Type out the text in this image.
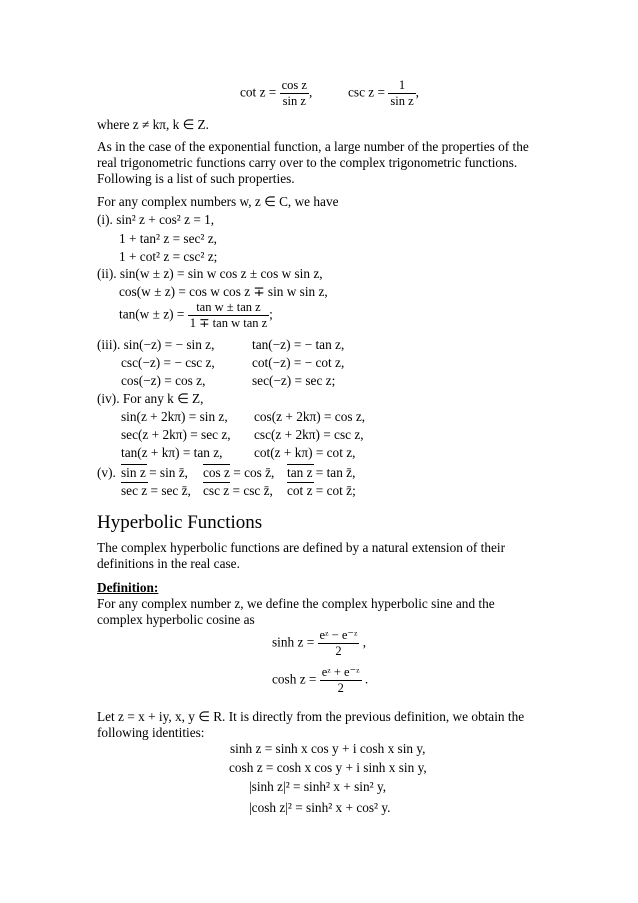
$\cot z = \frac{\text{cos z}}{\text{sin z}}$ ,	$\csc z = \frac{1}{\text{sin z}}$ ,
where z ≠ kπ, k ∈ Z.
As in the case of the exponential function, a large number of the properties of the real trigonometric functions carry over to the complex trigonometric functions. Following is a list of such properties.
For any complex numbers w, z ∈ C, we have
(i). sin² z + cos² z = 1,
1 + tan² z = sec² z,
1 + cot² z = csc² z;
(ii). sin(w ± z) = sin w cos z ± cos w sin z,
cos(w ± z) = cos w cos z ∓ sin w sin z,
$\tan(w \pm z) = \frac{\text{tan w ± tan z}}{\text{1 ∓ tan w tan z}}$ ;
(iii). sin(−z) = − sin z,	tan(−z) = − tan z,
csc(−z) = − csc z,	cot(−z) = − cot z,
cos(−z) = cos z,	sec(−z) = sec z;
(iv). For any k ∈ Z,
sin(z + 2kπ) = sin z, cos(z + 2kπ) = cos z,
sec(z + 2kπ) = sec z, csc(z + 2kπ) = csc z,
tan(z + kπ) = tan z, cot(z + kπ) = cot z,
(v). sin z = sin z̄, cos z = cos z̄, tan z = tan z̄,
sec z = sec z̄, csc z = csc z̄, cot z = cot z̄;
Hyperbolic Functions
The complex hyperbolic functions are defined by a natural extension of their definitions in the real case.
Definition:
For any complex number z, we define the complex hyperbolic sine and the complex hyperbolic cosine as
$\sinh z = \frac{\text{eᶻ − e⁻ᶻ}}{2}$ ,
$\cosh z = \frac{\text{eᶻ + e⁻ᶻ}}{2}$ .
Let z = x + iy, x, y ∈ R. It is directly from the previous definition, we obtain the following identities:
sinh z = sinh x cos y + i cosh x sin y,
cosh z = cosh x cos y + i sinh x sin y,
|sinh z|² = sinh² x + sin² y,
|cosh z|² = sinh² x + cos² y.
